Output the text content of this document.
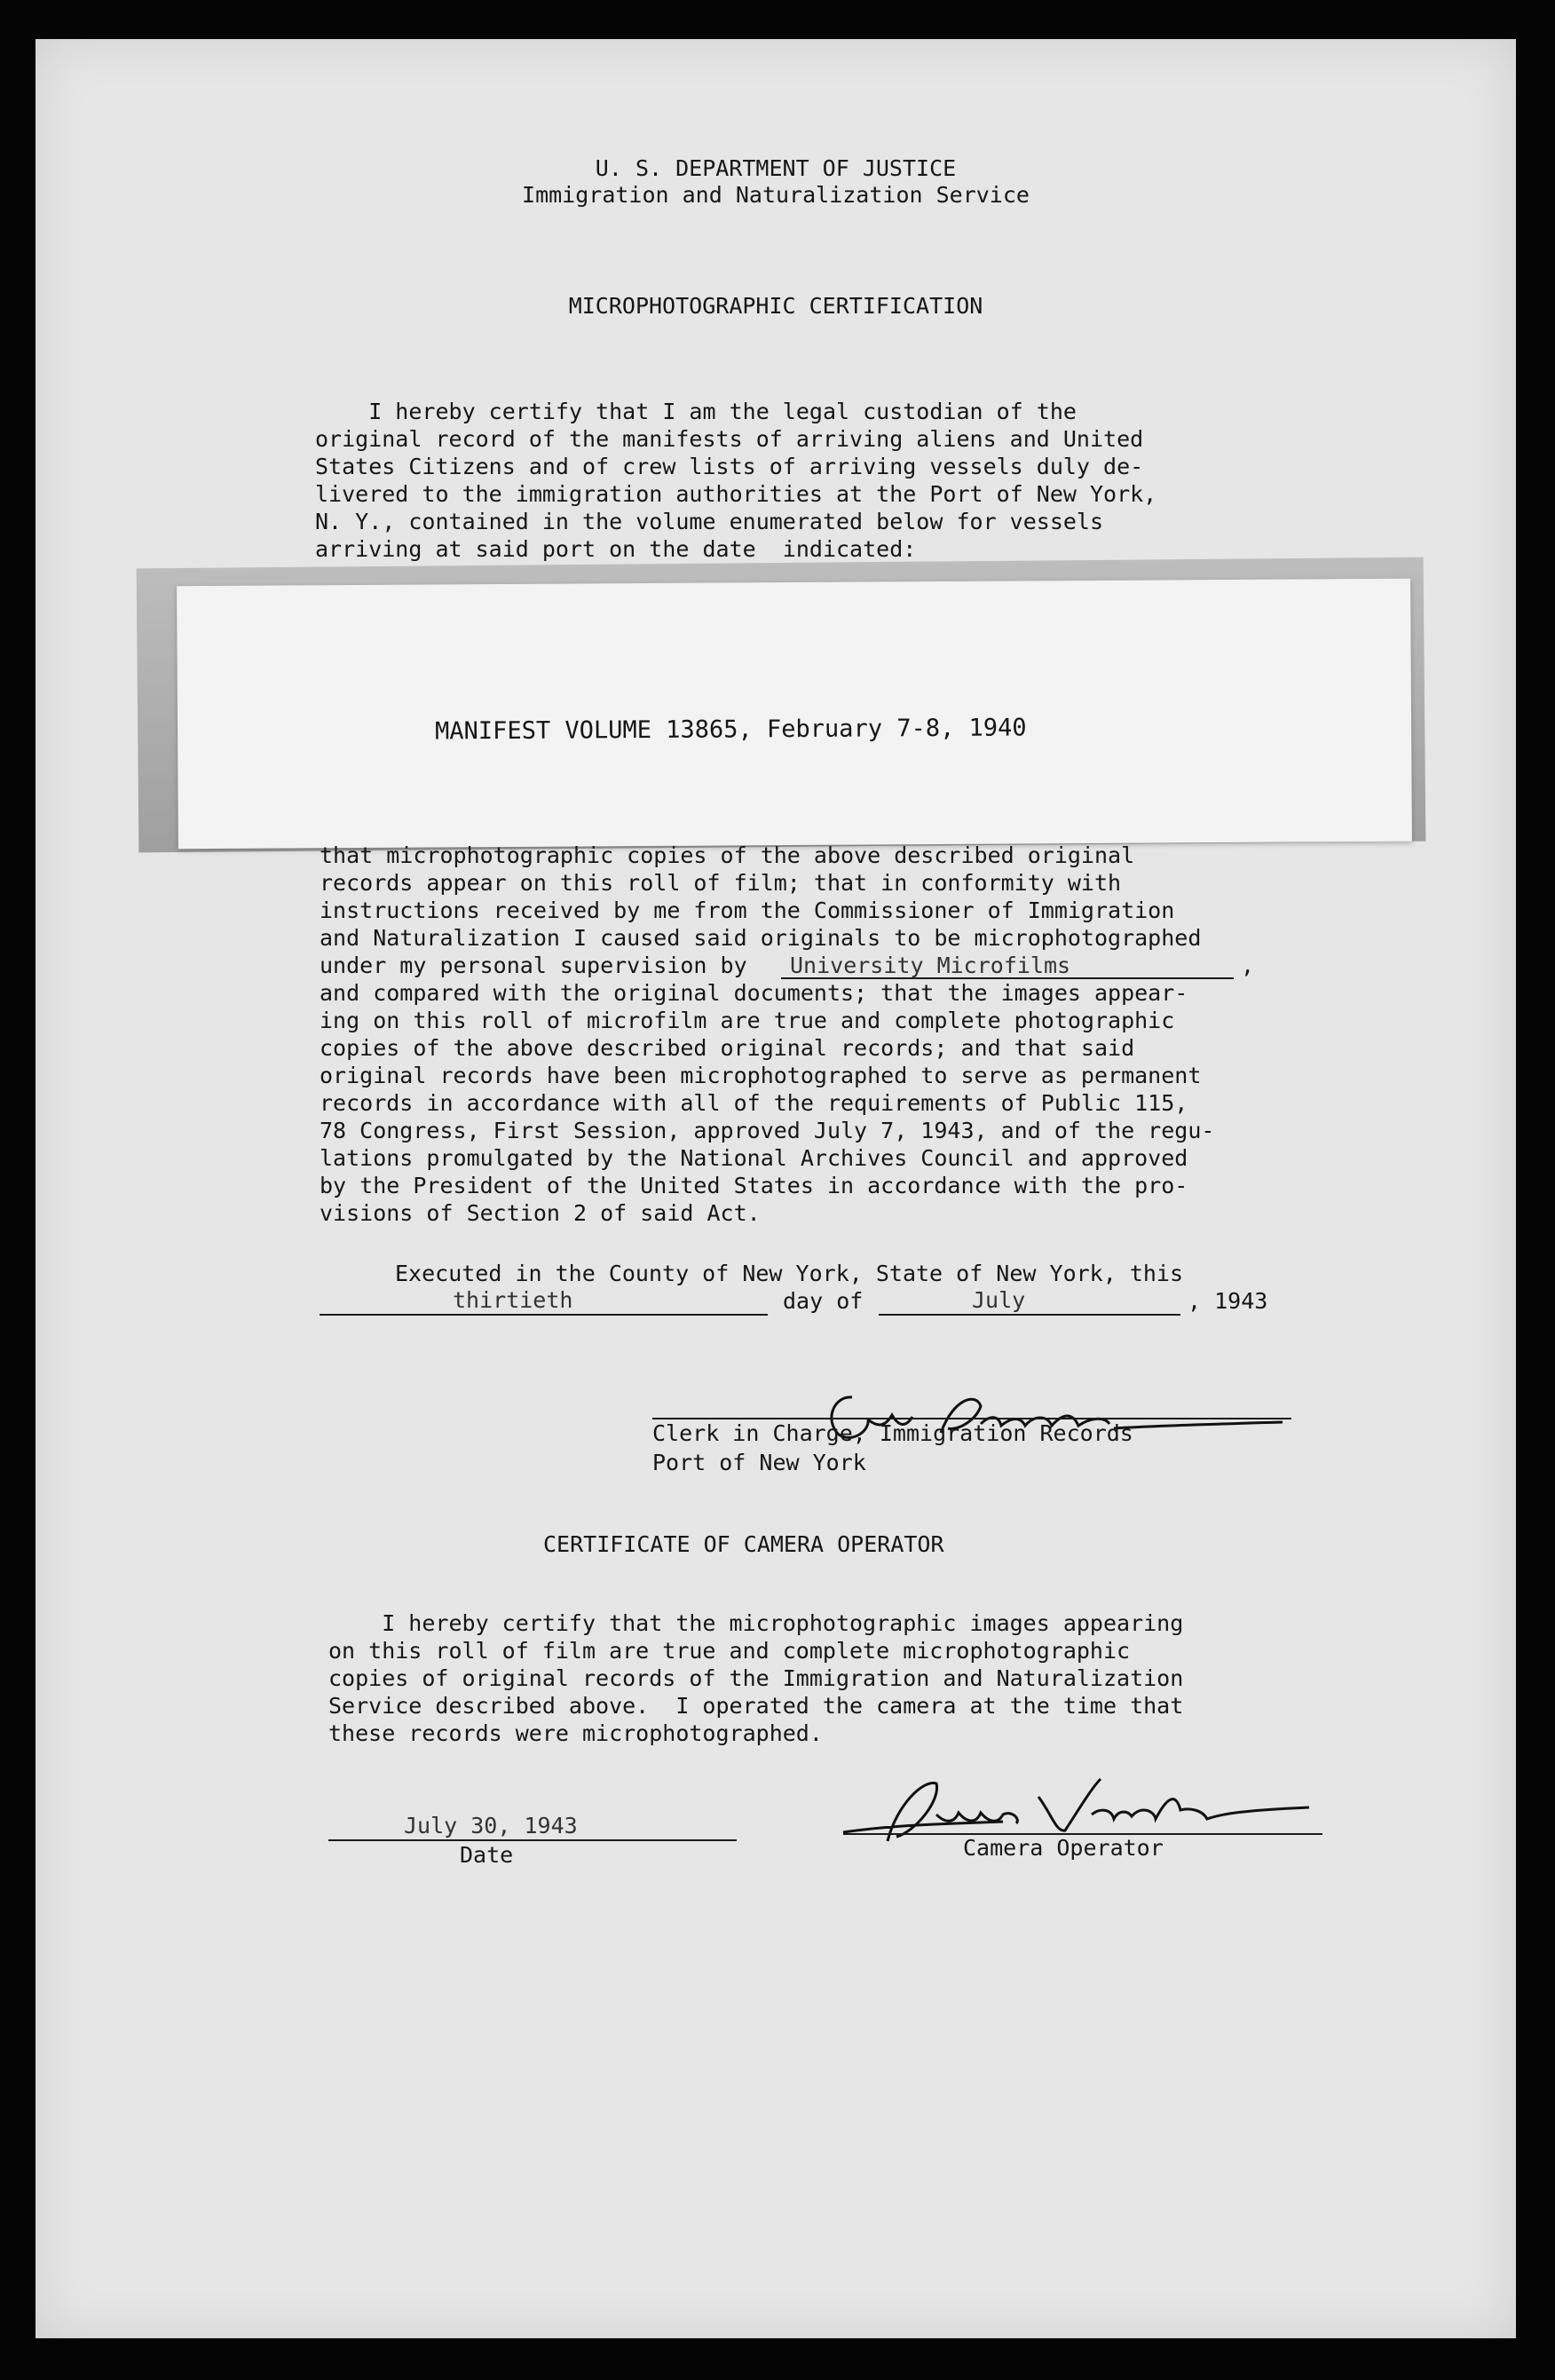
U. S. DEPARTMENT OF JUSTICE
Immigration and Naturalization Service
MICROPHOTOGRAPHIC CERTIFICATION
I hereby certify that I am the legal custodian of the
original record of the manifests of arriving aliens and United
States Citizens and of crew lists of arriving vessels duly de-
livered to the immigration authorities at the Port of New York,
N. Y., contained in the volume enumerated below for vessels
arriving at said port on the date  indicated:
MANIFEST VOLUME 13865, February 7-8, 1940
that microphotographic copies of the above described original
records appear on this roll of film; that in conformity with
instructions received by me from the Commissioner of Immigration
and Naturalization I caused said originals to be microphotographed
under my personal supervision by University Microfilms	,
and compared with the original documents; that the images appear-
ing on this roll of microfilm are true and complete photographic
copies of the above described original records; and that said
original records have been microphotographed to serve as permanent
records in accordance with all of the requirements of Public 115,
78 Congress, First Session, approved July 7, 1943, and of the regu-
lations promulgated by the National Archives Council and approved
by the President of the United States in accordance with the pro-
visions of Section 2 of said Act.
Executed in the County of New York, State of New York, this
thirtieth	day of	July	, 1943
Clerk in Charge, Immigration Records
Port of New York
CERTIFICATE OF CAMERA OPERATOR
I hereby certify that the microphotographic images appearing
on this roll of film are true and complete microphotographic
copies of original records of the Immigration and Naturalization
Service described above.  I operated the camera at the time that
these records were microphotographed.
July 30, 1943
Date	Camera Operator
